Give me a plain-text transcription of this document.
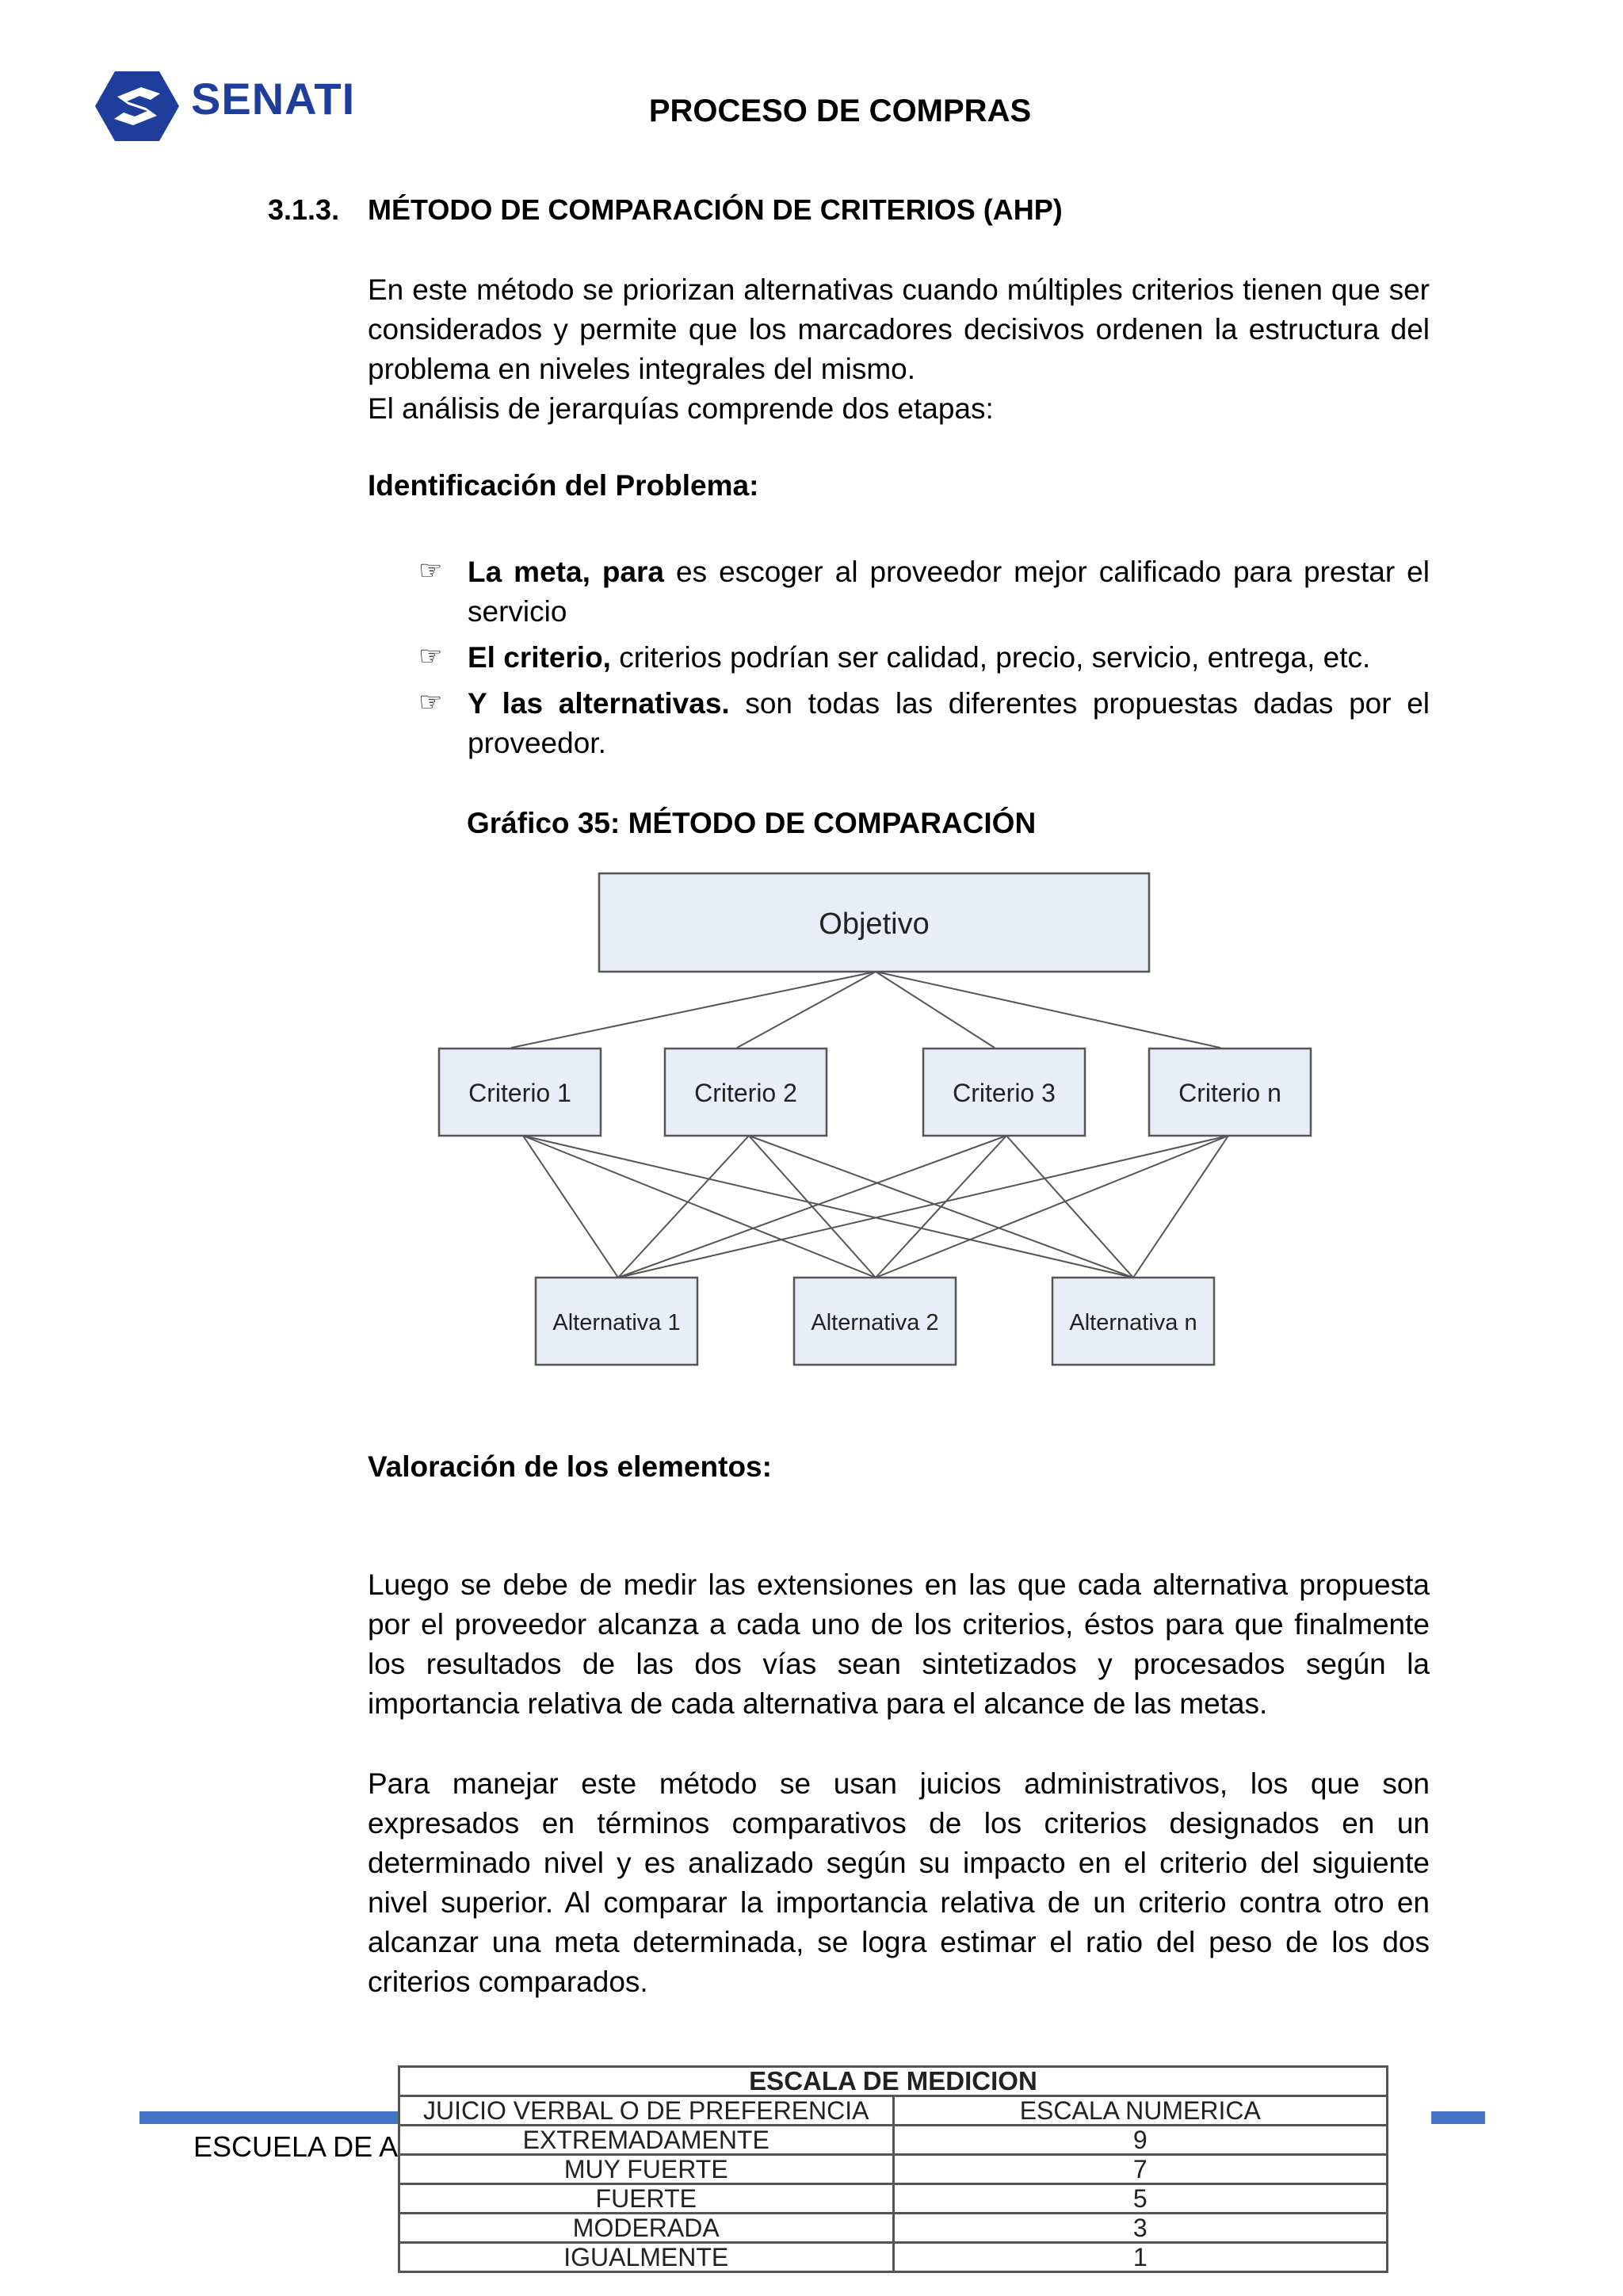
SENATI	PROCESO DE COMPRAS
3.1.3. MÉTODO DE COMPARACIÓN DE CRITERIOS (AHP)

En este método se priorizan alternativas cuando múltiples criterios tienen que ser considerados y permite que los marcadores decisivos ordenen la estructura del problema en niveles integrales del mismo.

El análisis de jerarquías comprende dos etapas:

Identificación del Problema:
☞ La meta, para es escoger al proveedor mejor calificado para prestar el servicio
☞ El criterio, criterios podrían ser calidad, precio, servicio, entrega, etc.
☞ Y las alternativas. son todas las diferentes propuestas dadas por el proveedor.
Gráfico 35: MÉTODO DE COMPARACIÓN
Objetivo
Criterio 1	Criterio 2	Criterio 3	Criterio n
Alternativa 1	Alternativa 2	Alternativa n
Valoración de los elementos:

Luego se debe de medir las extensiones en las que cada alternativa propuesta por el proveedor alcanza a cada uno de los criterios, éstos para que finalmente los resultados de las dos vías sean sintetizados y procesados según la importancia relativa de cada alternativa para el alcance de las metas.

Para manejar este método se usan juicios administrativos, los que son expresados en términos comparativos de los criterios designados en un determinado nivel y es analizado según su impacto en el criterio del siguiente nivel superior. Al comparar la importancia relativa de un criterio contra otro en alcanzar una meta determinada, se logra estimar el ratio del peso de los dos criterios comparados.

ESCUELA DE A
ESCALA DE MEDICION	
JUICIO VERBAL O DE PREFERENCIA	ESCALA NUMERICA
EXTREMADAMENTE	9
MUY FUERTE	7
FUERTE	5
MODERADA	3
IGUALMENTE	1
